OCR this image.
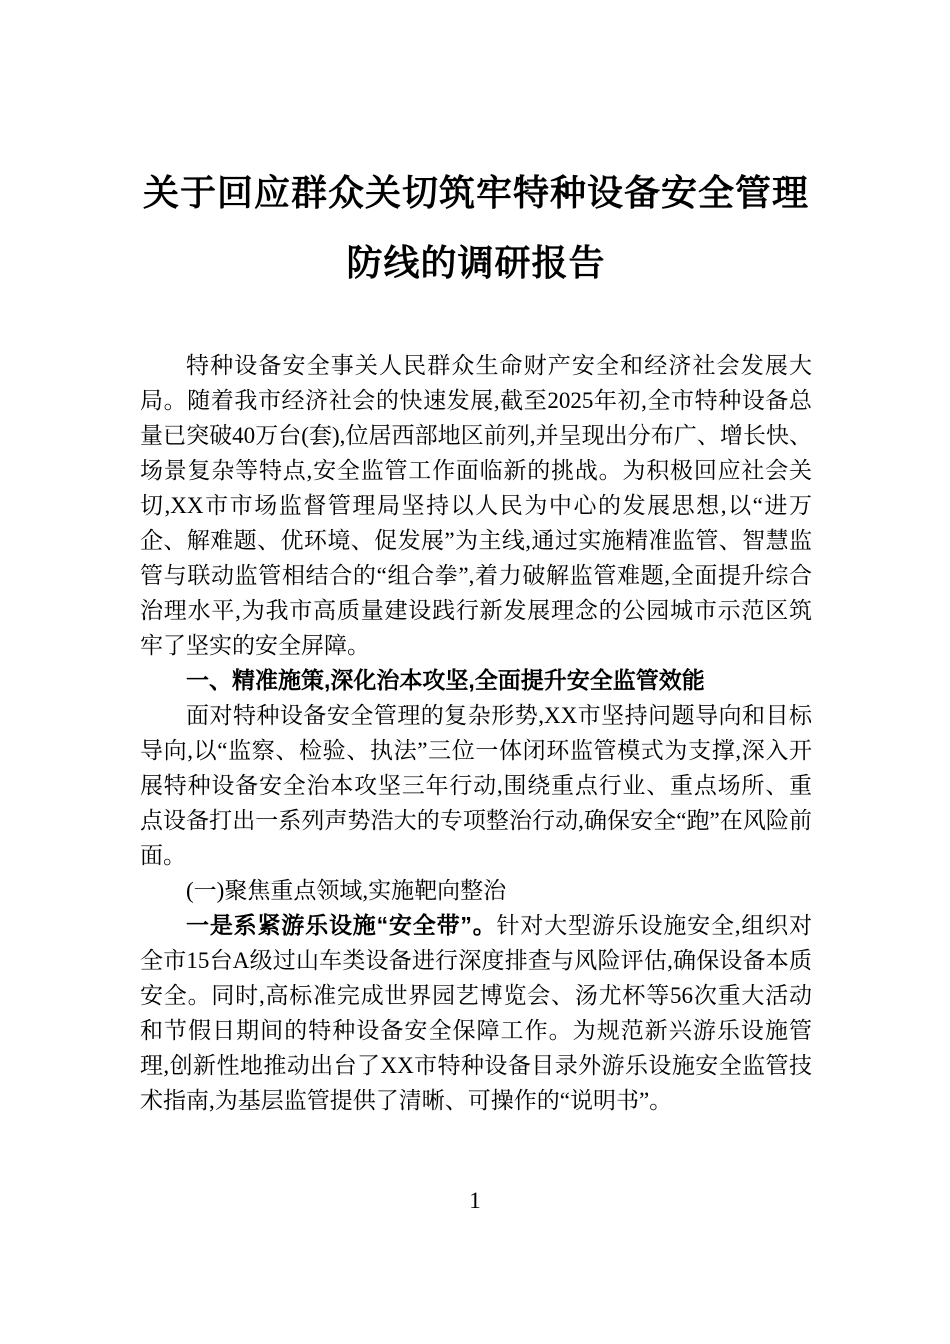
关于回应群众关切筑牢特种设备安全管理
防线的调研报告

特种设备安全事关人民群众生命财产安全和经济社会发展大局。随着我市经济社会的快速发展,截至2025年初,全市特种设备总量已突破40万台(套),位居西部地区前列,并呈现出分布广、增长快、场景复杂等特点,安全监管工作面临新的挑战。为积极回应社会关切,XX市市场监督管理局坚持以人民为中心的发展思想,以“进万企、解难题、优环境、促发展”为主线,通过实施精准监管、智慧监管与联动监管相结合的“组合拳”,着力破解监管难题,全面提升综合治理水平,为我市高质量建设践行新发展理念的公园城市示范区筑牢了坚实的安全屏障。

一、精准施策,深化治本攻坚,全面提升安全监管效能

面对特种设备安全管理的复杂形势,XX市坚持问题导向和目标导向,以“监察、检验、执法”三位一体闭环监管模式为支撑,深入开展特种设备安全治本攻坚三年行动,围绕重点行业、重点场所、重点设备打出一系列声势浩大的专项整治行动,确保安全“跑”在风险前面。

(一)聚焦重点领域,实施靶向整治

一是系紧游乐设施“安全带”。针对大型游乐设施安全,组织对全市15台A级过山车类设备进行深度排查与风险评估,确保设备本质安全。同时,高标准完成世界园艺博览会、汤尤杯等56次重大活动和节假日期间的特种设备安全保障工作。为规范新兴游乐设施管理,创新性地推动出台了XX市特种设备目录外游乐设施安全监管技术指南,为基层监管提供了清晰、可操作的“说明书”。

1
